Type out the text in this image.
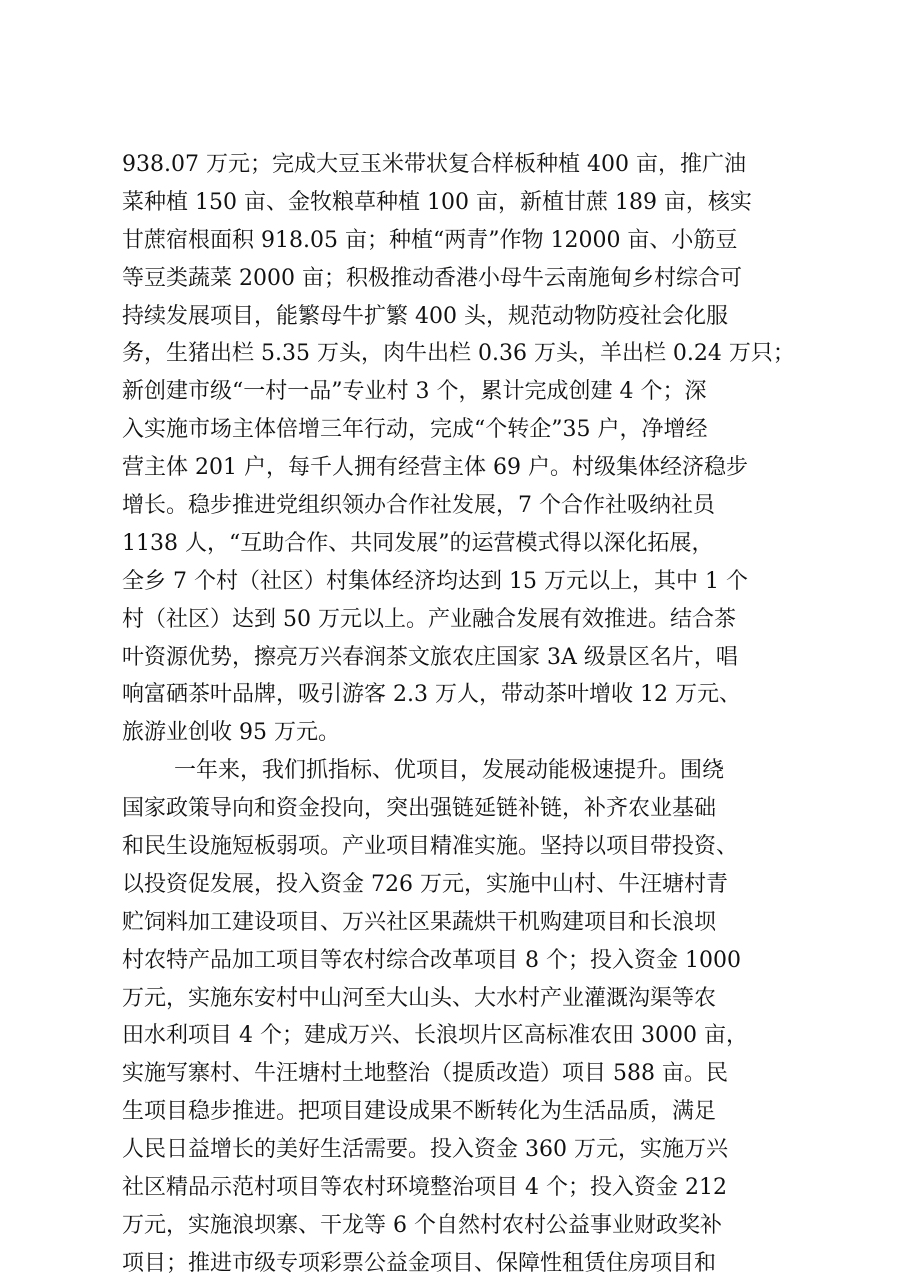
938.07 万元；完成大豆玉米带状复合样板种植 400 亩，推广油
菜种植 150 亩、金牧粮草种植 100 亩，新植甘蔗 189 亩，核实
甘蔗宿根面积 918.05 亩；种植“两青”作物 12000 亩、小筋豆
等豆类蔬菜 2000 亩；积极推动香港小母牛云南施甸乡村综合可
持续发展项目，能繁母牛扩繁 400 头，规范动物防疫社会化服
务，生猪出栏 5.35 万头，肉牛出栏 0.36 万头，羊出栏 0.24 万只；
新创建市级“一村一品”专业村 3 个，累计完成创建 4 个；深
入实施市场主体倍增三年行动，完成“个转企”35 户，净增经
营主体 201 户，每千人拥有经营主体 69 户。村级集体经济稳步
增长。稳步推进党组织领办合作社发展，7 个合作社吸纳社员
1138 人，“互助合作、共同发展”的运营模式得以深化拓展，
全乡 7 个村（社区）村集体经济均达到 15 万元以上，其中 1 个
村（社区）达到 50 万元以上。产业融合发展有效推进。结合茶
叶资源优势，擦亮万兴春润茶文旅农庄国家 3A 级景区名片，唱
响富硒茶叶品牌，吸引游客 2.3 万人，带动茶叶增收 12 万元、
旅游业创收 95 万元。
一年来，我们抓指标、优项目，发展动能极速提升。围绕
国家政策导向和资金投向，突出强链延链补链，补齐农业基础
和民生设施短板弱项。产业项目精准实施。坚持以项目带投资、
以投资促发展，投入资金 726 万元，实施中山村、牛汪塘村青
贮饲料加工建设项目、万兴社区果蔬烘干机购建项目和长浪坝
村农特产品加工项目等农村综合改革项目 8 个；投入资金 1000
万元，实施东安村中山河至大山头、大水村产业灌溉沟渠等农
田水利项目 4 个；建成万兴、长浪坝片区高标准农田 3000 亩，
实施写寨村、牛汪塘村土地整治（提质改造）项目 588 亩。民
生项目稳步推进。把项目建设成果不断转化为生活品质，满足
人民日益增长的美好生活需要。投入资金 360 万元，实施万兴
社区精品示范村项目等农村环境整治项目 4 个；投入资金 212
万元，实施浪坝寨、干龙等 6 个自然村农村公益事业财政奖补
项目；推进市级专项彩票公益金项目、保障性租赁住房项目和
